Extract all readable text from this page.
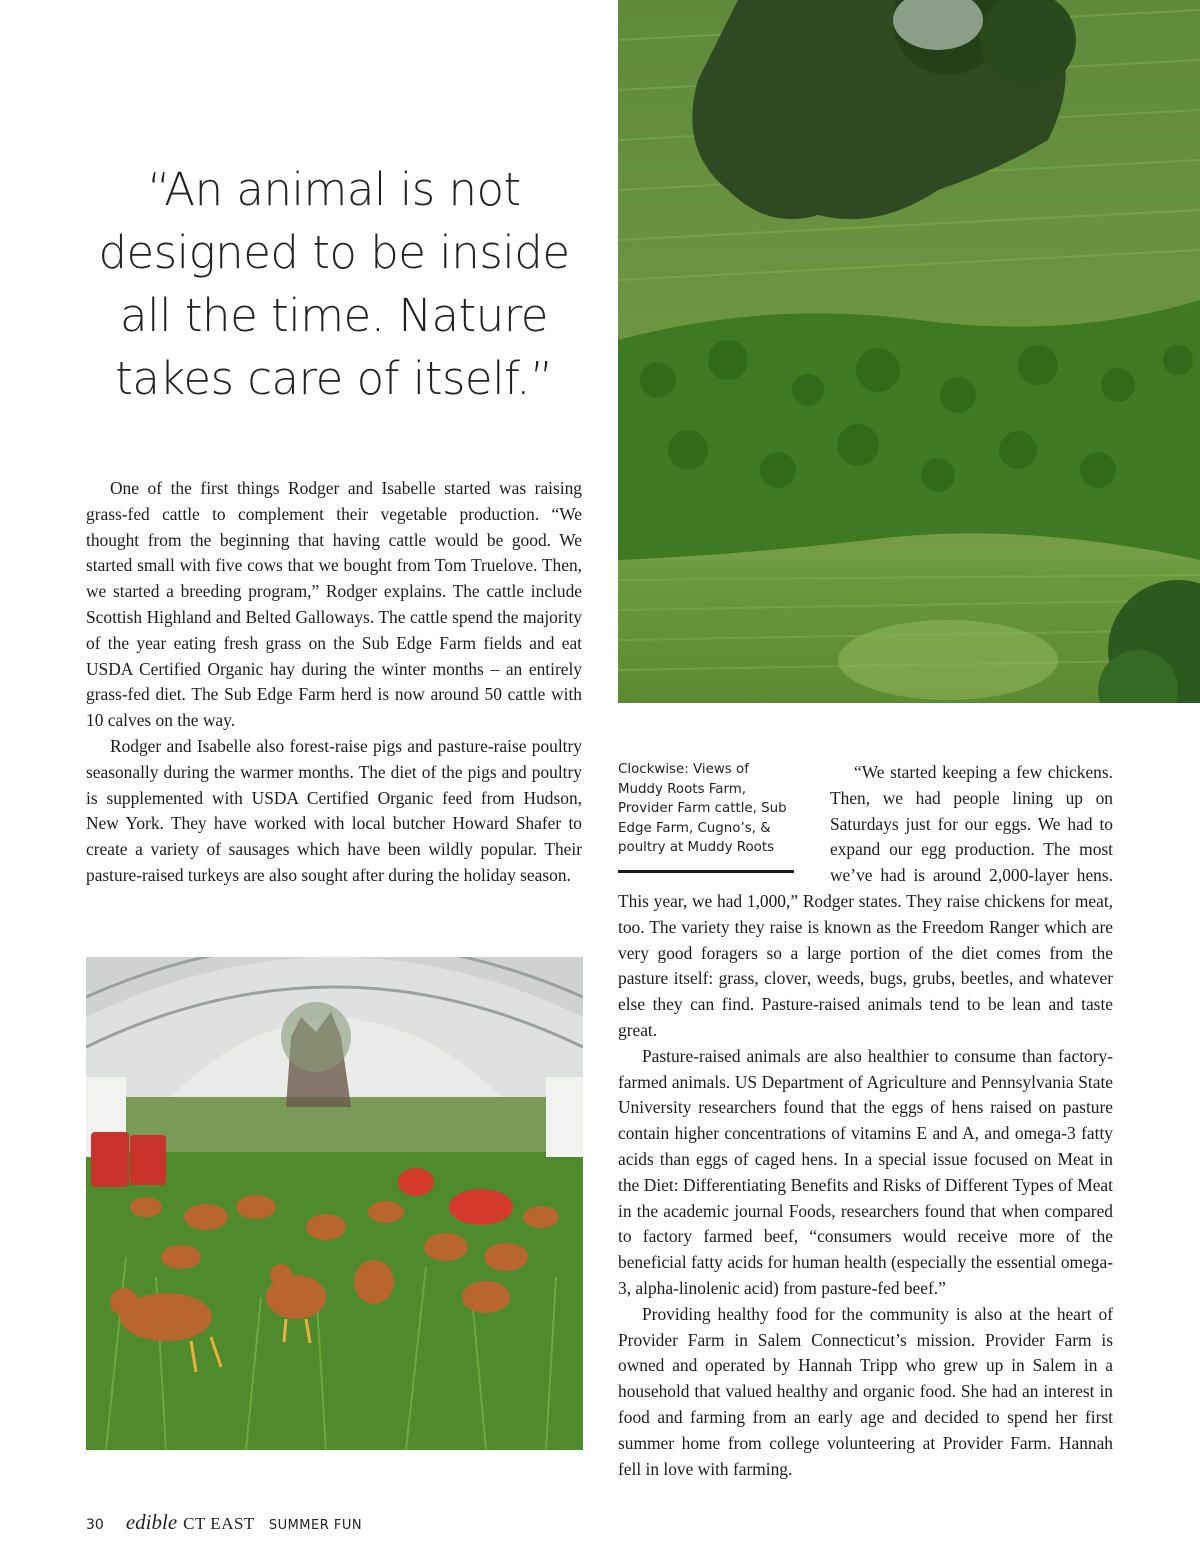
“An animal is not
designed to be inside
all the time. Nature
takes care of itself.”

One of the first things Rodger and Isabelle started was raising grass-fed cattle to complement their vegetable production. “We thought from the beginning that having cattle would be good. We started small with five cows that we bought from Tom Truelove. Then, we started a breeding program,” Rodger explains. The cattle include Scottish Highland and Belted Galloways. The cattle spend the majority of the year eating fresh grass on the Sub Edge Farm fields and eat USDA Certified Organic hay during the winter months – an entirely grass-fed diet. The Sub Edge Farm herd is now around 50 cattle with 10 calves on the way.

Rodger and Isabelle also forest-raise pigs and pasture-raise poultry seasonally during the warmer months. The diet of the pigs and poultry is supplemented with USDA Certified Organic feed from Hudson, New York. They have worked with local butcher Howard Shafer to create a variety of sausages which have been wildly popular. Their pasture-raised turkeys are also sought after during the holiday season.

Clockwise: Views of Muddy Roots Farm, Provider Farm cattle, Sub Edge Farm, Cugno’s, & poultry at Muddy Roots

“We started keeping a few chickens. Then, we had people lining up on Saturdays just for our eggs. We had to expand our egg production. The most we’ve had is around 2,000-layer hens. This year, we had 1,000,” Rodger states. They raise chickens for meat, too. The variety they raise is known as the Freedom Ranger which are very good foragers so a large portion of the diet comes from the pasture itself: grass, clover, weeds, bugs, grubs, beetles, and whatever else they can find. Pasture-raised animals tend to be lean and taste great.

Pasture-raised animals are also healthier to consume than factory-farmed animals. US Department of Agriculture and Pennsylvania State University researchers found that the eggs of hens raised on pasture contain higher concentrations of vitamins E and A, and omega-3 fatty acids than eggs of caged hens. In a special issue focused on Meat in the Diet: Differentiating Benefits and Risks of Different Types of Meat in the academic journal Foods, researchers found that when compared to factory farmed beef, “consumers would receive more of the beneficial fatty acids for human health (especially the essential omega-3, alpha-linolenic acid) from pasture-fed beef.”

Providing healthy food for the community is also at the heart of Provider Farm in Salem Connecticut’s mission. Provider Farm is owned and operated by Hannah Tripp who grew up in Salem in a household that valued healthy and organic food. She had an interest in food and farming from an early age and decided to spend her first summer home from college volunteering at Provider Farm. Hannah fell in love with farming.

30 edible CT EAST SUMMER FUN
